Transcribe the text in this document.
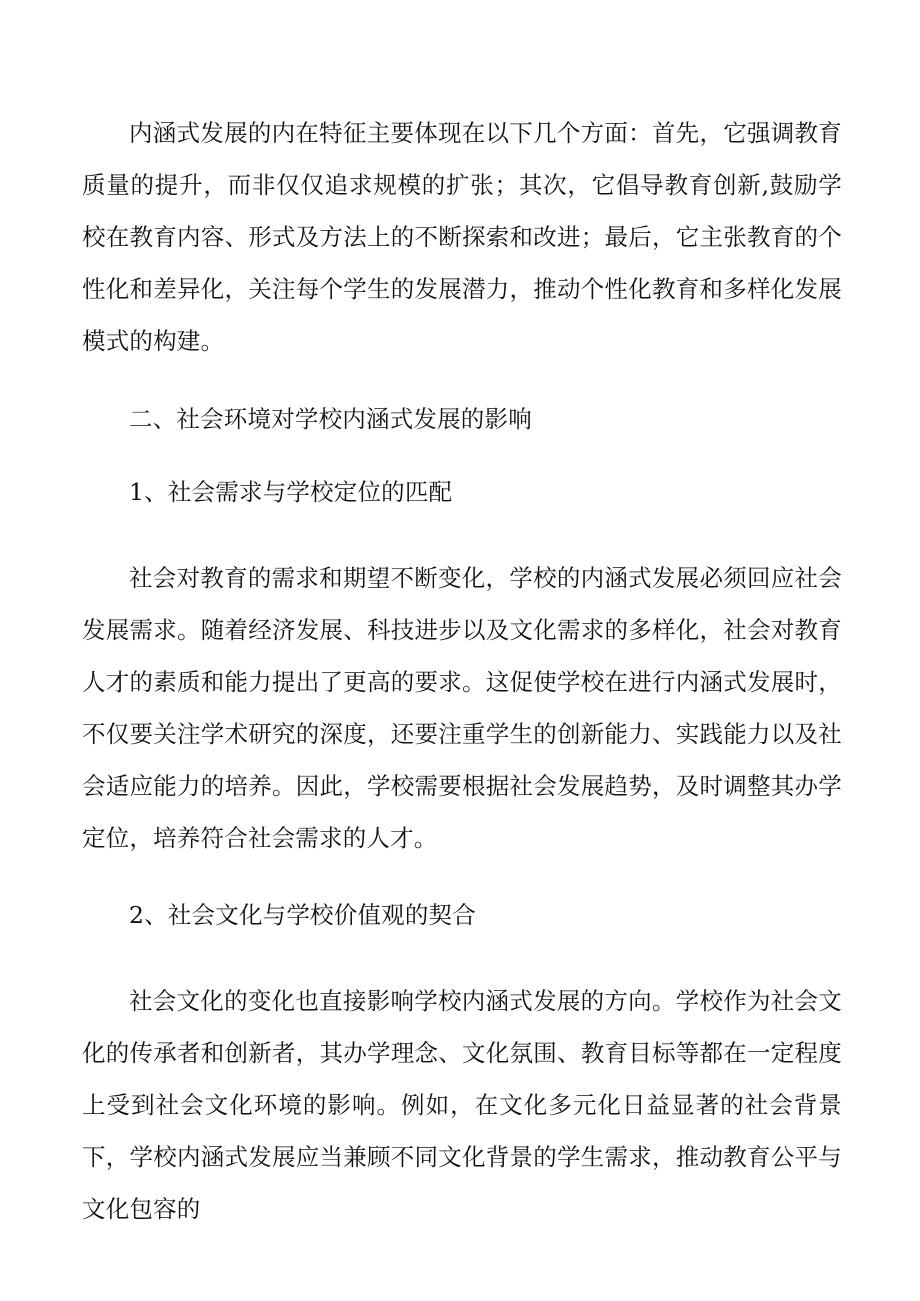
内涵式发展的内在特征主要体现在以下几个方面：首先，它强调教育质量的提升，而非仅仅追求规模的扩张；其次，它倡导教育创新,鼓励学校在教育内容、形式及方法上的不断探索和改进；最后，它主张教育的个性化和差异化，关注每个学生的发展潜力，推动个性化教育和多样化发展模式的构建。

二、社会环境对学校内涵式发展的影响

1、社会需求与学校定位的匹配

社会对教育的需求和期望不断变化，学校的内涵式发展必须回应社会发展需求。随着经济发展、科技进步以及文化需求的多样化，社会对教育人才的素质和能力提出了更高的要求。这促使学校在进行内涵式发展时，不仅要关注学术研究的深度，还要注重学生的创新能力、实践能力以及社会适应能力的培养。因此，学校需要根据社会发展趋势，及时调整其办学定位，培养符合社会需求的人才。

2、社会文化与学校价值观的契合

社会文化的变化也直接影响学校内涵式发展的方向。学校作为社会文化的传承者和创新者，其办学理念、文化氛围、教育目标等都在一定程度上受到社会文化环境的影响。例如，在文化多元化日益显著的社会背景下，学校内涵式发展应当兼顾不同文化背景的学生需求，推动教育公平与文化包容的
